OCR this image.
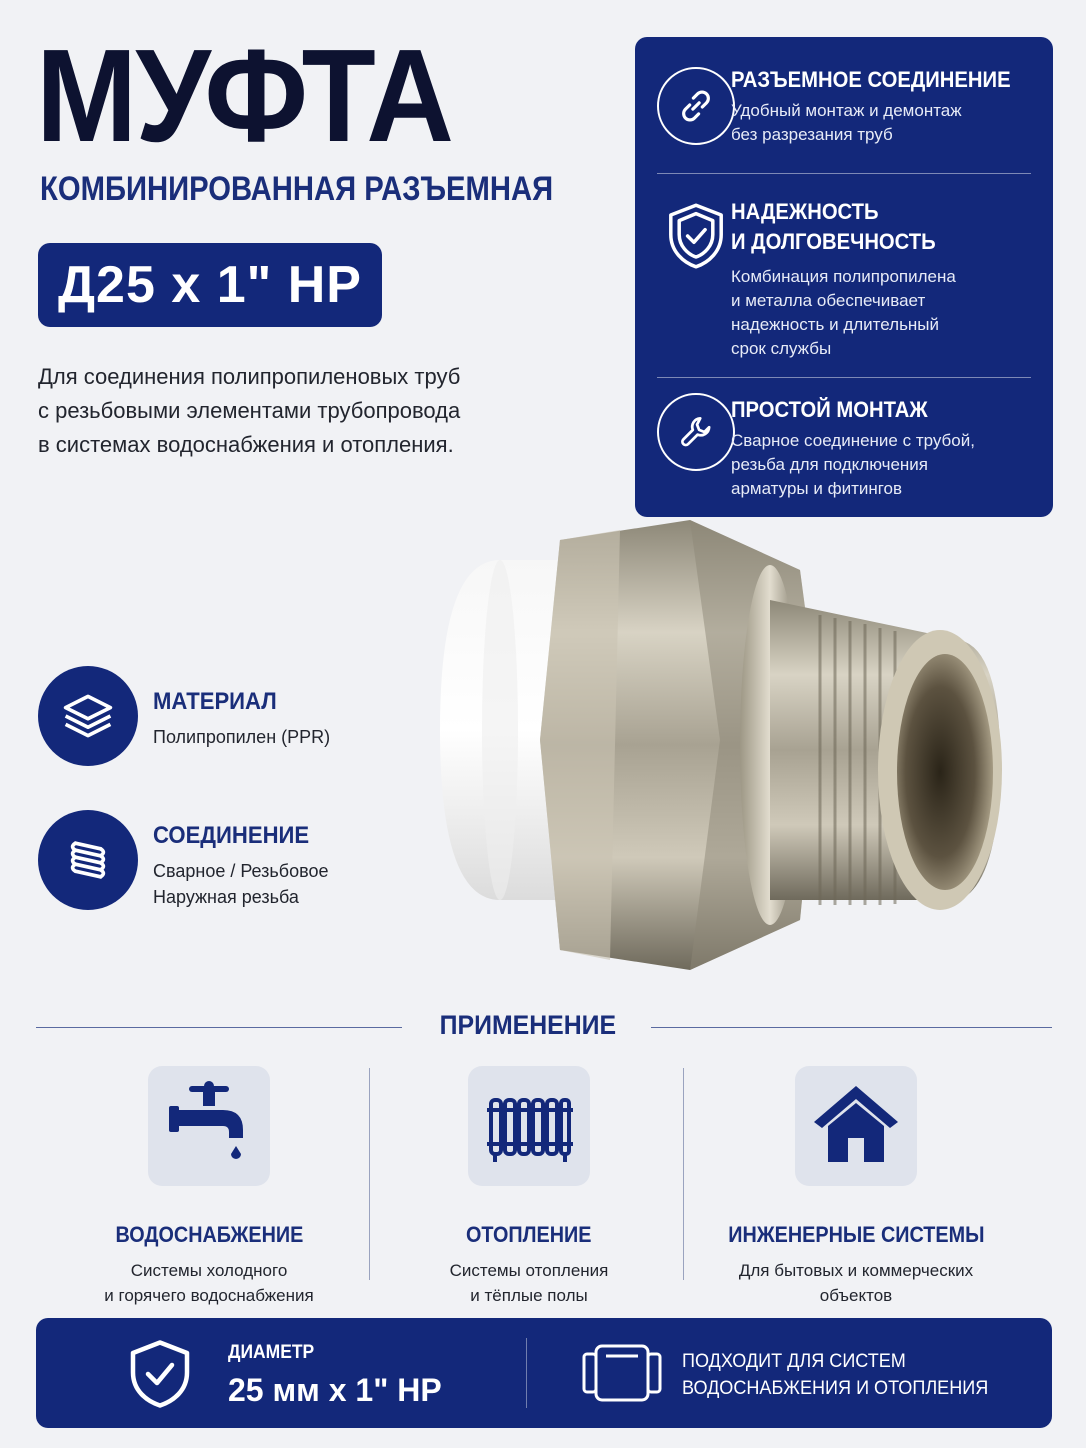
МУФТА
КОМБИНИРОВАННАЯ РАЗЪЕМНАЯ
Д25 х 1" НР
Для соединения полипропиленовых труб
с резьбовыми элементами трубопровода
в системах водоснабжения и отопления.
РАЗЪЕМНОЕ СОЕДИНЕНИЕ
Удобный монтаж и демонтаж
без разрезания труб
НАДЕЖНОСТЬ
И ДОЛГОВЕЧНОСТЬ
Комбинация полипропилена
и металла обеспечивает
надежность и длительный
срок службы
ПРОСТОЙ МОНТАЖ
Сварное соединение с трубой,
резьба для подключения
арматуры и фитингов
МАТЕРИАЛ
Полипропилен (PPR)
СОЕДИНЕНИЕ
Сварное / Резьбовое
Наружная резьба
ПРИМЕНЕНИЕ
ВОДОСНАБЖЕНИЕ
Системы холодного
и горячего водоснабжения
ОТОПЛЕНИЕ
Системы отопления
и тёплые полы
ИНЖЕНЕРНЫЕ СИСТЕМЫ
Для бытовых и коммерческих
объектов
ДИАМЕТР
25 мм х 1" НР
ПОДХОДИТ ДЛЯ СИСТЕМ
ВОДОСНАБЖЕНИЯ И ОТОПЛЕНИЯ
